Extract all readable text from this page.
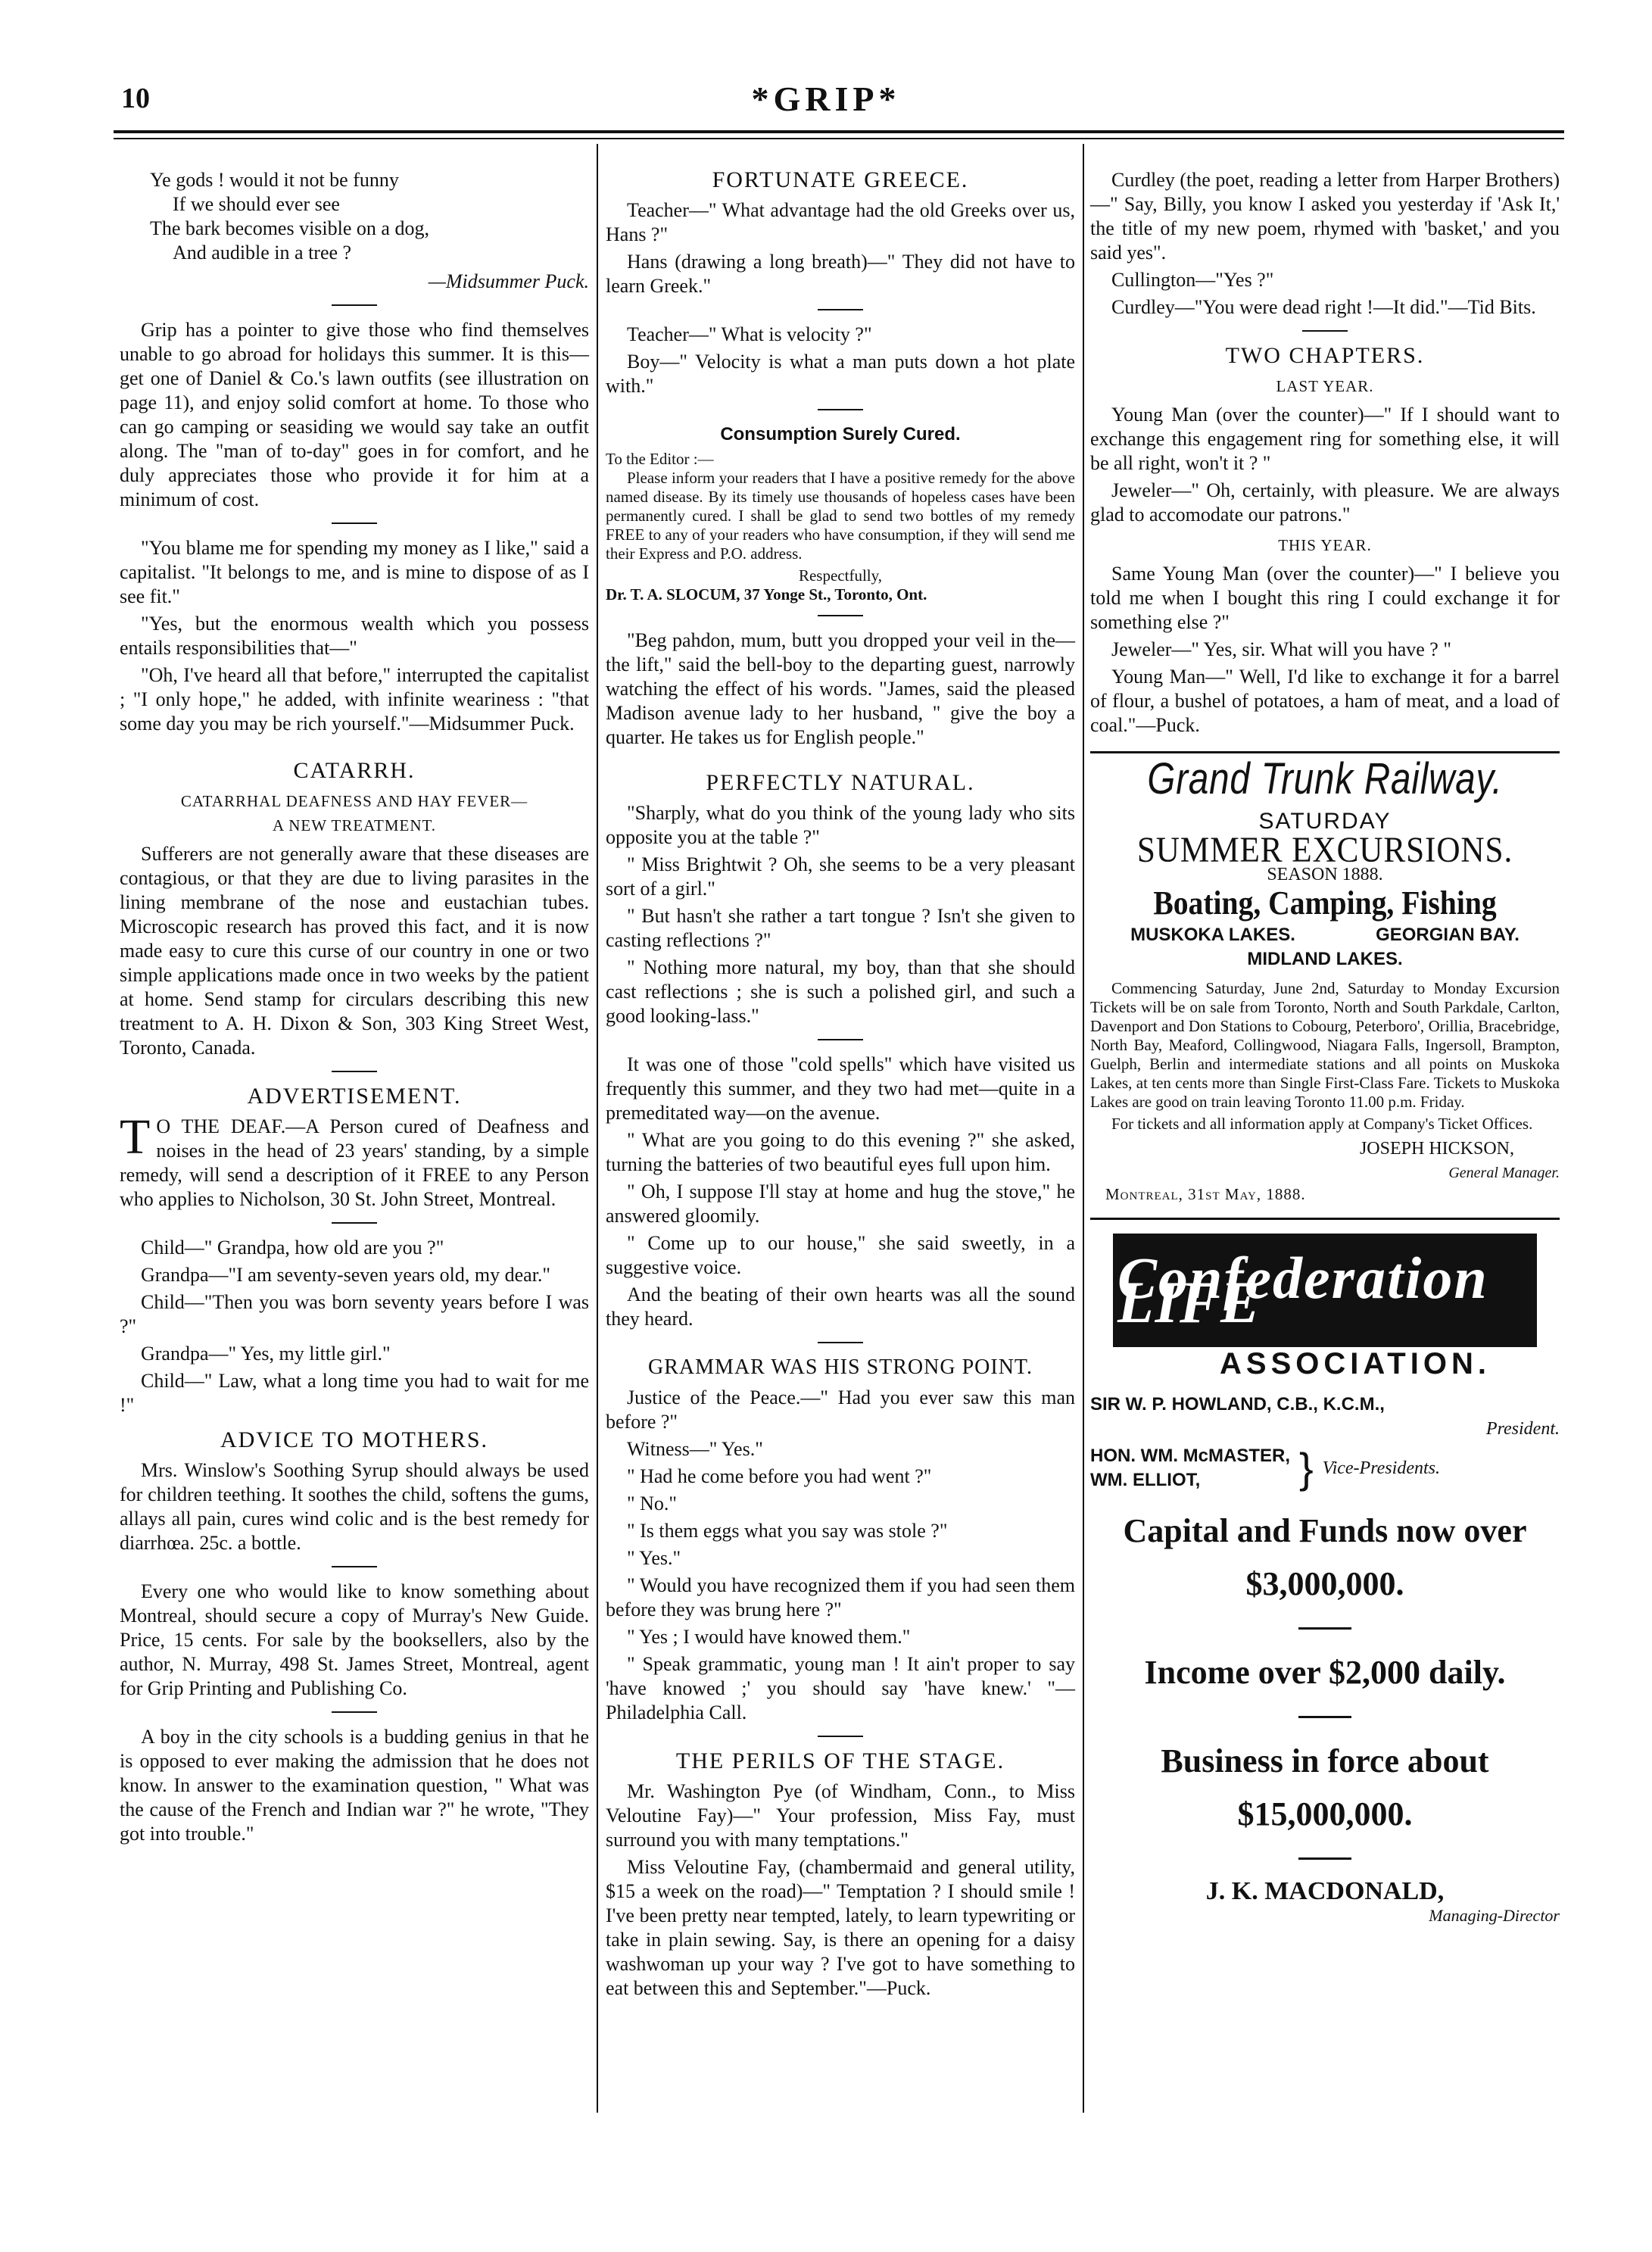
10	*GRIP*
Ye gods ! would it not be funny
If we should ever see
The bark becomes visible on a dog,
And audible in a tree ?
—Midsummer Puck.

Grip has a pointer to give those who find themselves unable to go abroad for holidays this summer. It is this—get one of Daniel & Co.'s lawn outfits (see illustration on page 11), and enjoy solid comfort at home. To those who can go camping or seasiding we would say take an outfit along. The "man of to-day" goes in for comfort, and he duly appreciates those who provide it for him at a minimum of cost.

"You blame me for spending my money as I like," said a capitalist. "It belongs to me, and is mine to dispose of as I see fit."

"Yes, but the enormous wealth which you possess entails responsibilities that—"

"Oh, I've heard all that before," interrupted the capitalist ; "I only hope," he added, with infinite weariness : "that some day you may be rich yourself."—Midsummer Puck.

CATARRH.
CATARRHAL DEAFNESS AND HAY FEVER—
A NEW TREATMENT.

Sufferers are not generally aware that these diseases are contagious, or that they are due to living parasites in the lining membrane of the nose and eustachian tubes. Microscopic research has proved this fact, and it is now made easy to cure this curse of our country in one or two simple applications made once in two weeks by the patient at home. Send stamp for circulars describing this new treatment to A. H. Dixon & Son, 303 King Street West, Toronto, Canada.

ADVERTISEMENT.

T O THE DEAF.—A Person cured of Deafness and noises in the head of 23 years' standing, by a simple remedy, will send a description of it FREE to any Person who applies to Nicholson, 30 St. John Street, Montreal.

Child—" Grandpa, how old are you ?"

Grandpa—"I am seventy-seven years old, my dear."

Child—"Then you was born seventy years before I was ?"

Grandpa—" Yes, my little girl."

Child—" Law, what a long time you had to wait for me !"

ADVICE TO MOTHERS.

Mrs. Winslow's Soothing Syrup should always be used for children teething. It soothes the child, softens the gums, allays all pain, cures wind colic and is the best remedy for diarrhœa. 25c. a bottle.

Every one who would like to know something about Montreal, should secure a copy of Murray's New Guide. Price, 15 cents. For sale by the booksellers, also by the author, N. Murray, 498 St. James Street, Montreal, agent for Grip Printing and Publishing Co.

A boy in the city schools is a budding genius in that he is opposed to ever making the admission that he does not know. In answer to the examination question, " What was the cause of the French and Indian war ?" he wrote, "They got into trouble."

FORTUNATE GREECE.

Teacher—" What advantage had the old Greeks over us, Hans ?"

Hans (drawing a long breath)—" They did not have to learn Greek."

Teacher—" What is velocity ?"

Boy—" Velocity is what a man puts down a hot plate with."

Consumption Surely Cured.
To the Editor :—

Please inform your readers that I have a positive remedy for the above named disease. By its timely use thousands of hopeless cases have been permanently cured. I shall be glad to send two bottles of my remedy FREE to any of your readers who have consumption, if they will send me their Express and P.O. address.

Respectfully,
Dr. T. A. SLOCUM, 37 Yonge St., Toronto, Ont.

"Beg pahdon, mum, butt you dropped your veil in the—the lift," said the bell-boy to the departing guest, narrowly watching the effect of his words. "James, said the pleased Madison avenue lady to her husband, " give the boy a quarter. He takes us for English people."

PERFECTLY NATURAL.

"Sharply, what do you think of the young lady who sits opposite you at the table ?"

" Miss Brightwit ? Oh, she seems to be a very pleasant sort of a girl."

" But hasn't she rather a tart tongue ? Isn't she given to casting reflections ?"

" Nothing more natural, my boy, than that she should cast reflections ; she is such a polished girl, and such a good looking-lass."

It was one of those "cold spells" which have visited us frequently this summer, and they two had met—quite in a premeditated way—on the avenue.

" What are you going to do this evening ?" she asked, turning the batteries of two beautiful eyes full upon him.

" Oh, I suppose I'll stay at home and hug the stove," he answered gloomily.

" Come up to our house," she said sweetly, in a suggestive voice.

And the beating of their own hearts was all the sound they heard.

GRAMMAR WAS HIS STRONG POINT.

Justice of the Peace.—" Had you ever saw this man before ?"

Witness—" Yes."

" Had he come before you had went ?"

" No."

" Is them eggs what you say was stole ?"

" Yes."

" Would you have recognized them if you had seen them before they was brung here ?"

" Yes ; I would have knowed them."

" Speak grammatic, young man ! It ain't proper to say 'have knowed ;' you should say 'have knew.' "—Philadelphia Call.

THE PERILS OF THE STAGE.

Mr. Washington Pye (of Windham, Conn., to Miss Veloutine Fay)—" Your profession, Miss Fay, must surround you with many temptations."

Miss Veloutine Fay, (chambermaid and general utility, $15 a week on the road)—" Temptation ? I should smile ! I've been pretty near tempted, lately, to learn typewriting or take in plain sewing. Say, is there an opening for a daisy washwoman up your way ? I've got to have something to eat between this and September."—Puck.

Curdley (the poet, reading a letter from Harper Brothers)—" Say, Billy, you know I asked you yesterday if 'Ask It,' the title of my new poem, rhymed with 'basket,' and you said yes".

Cullington—"Yes ?"

Curdley—"You were dead right !—It did."—Tid Bits.

TWO CHAPTERS.
LAST YEAR.

Young Man (over the counter)—" If I should want to exchange this engagement ring for something else, it will be all right, won't it ? "

Jeweler—" Oh, certainly, with pleasure. We are always glad to accomodate our patrons."

THIS YEAR.

Same Young Man (over the counter)—" I believe you told me when I bought this ring I could exchange it for something else ?"

Jeweler—" Yes, sir. What will you have ? "

Young Man—" Well, I'd like to exchange it for a barrel of flour, a bushel of potatoes, a ham of meat, and a load of coal."—Puck.

Grand Trunk Railway.
SATURDAY
SUMMER EXCURSIONS.
SEASON 1888.
Boating, Camping, Fishing
MUSKOKA LAKES.	GEORGIAN BAY.
MIDLAND LAKES.

Commencing Saturday, June 2nd, Saturday to Monday Excursion Tickets will be on sale from Toronto, North and South Parkdale, Carlton, Davenport and Don Stations to Cobourg, Peterboro', Orillia, Bracebridge, North Bay, Meaford, Collingwood, Niagara Falls, Ingersoll, Brampton, Guelph, Berlin and intermediate stations and all points on Muskoka Lakes, at ten cents more than Single First-Class Fare. Tickets to Muskoka Lakes are good on train leaving Toronto 11.00 p.m. Friday.

For tickets and all information apply at Company's Ticket Offices.

JOSEPH HICKSON,
General Manager.
Montreal, 31st May, 1888.
Confederation LIFE
ASSOCIATION.
SIR W. P. HOWLAND, C.B., K.C.M.,
President.
HON. WM. McMASTER,
WM. ELLIOT,	} Vice-Presidents.
Capital and Funds now over
$3,000,000.
Income over $2,000 daily.
Business in force about
$15,000,000.
J. K. MACDONALD,
Managing-Director
